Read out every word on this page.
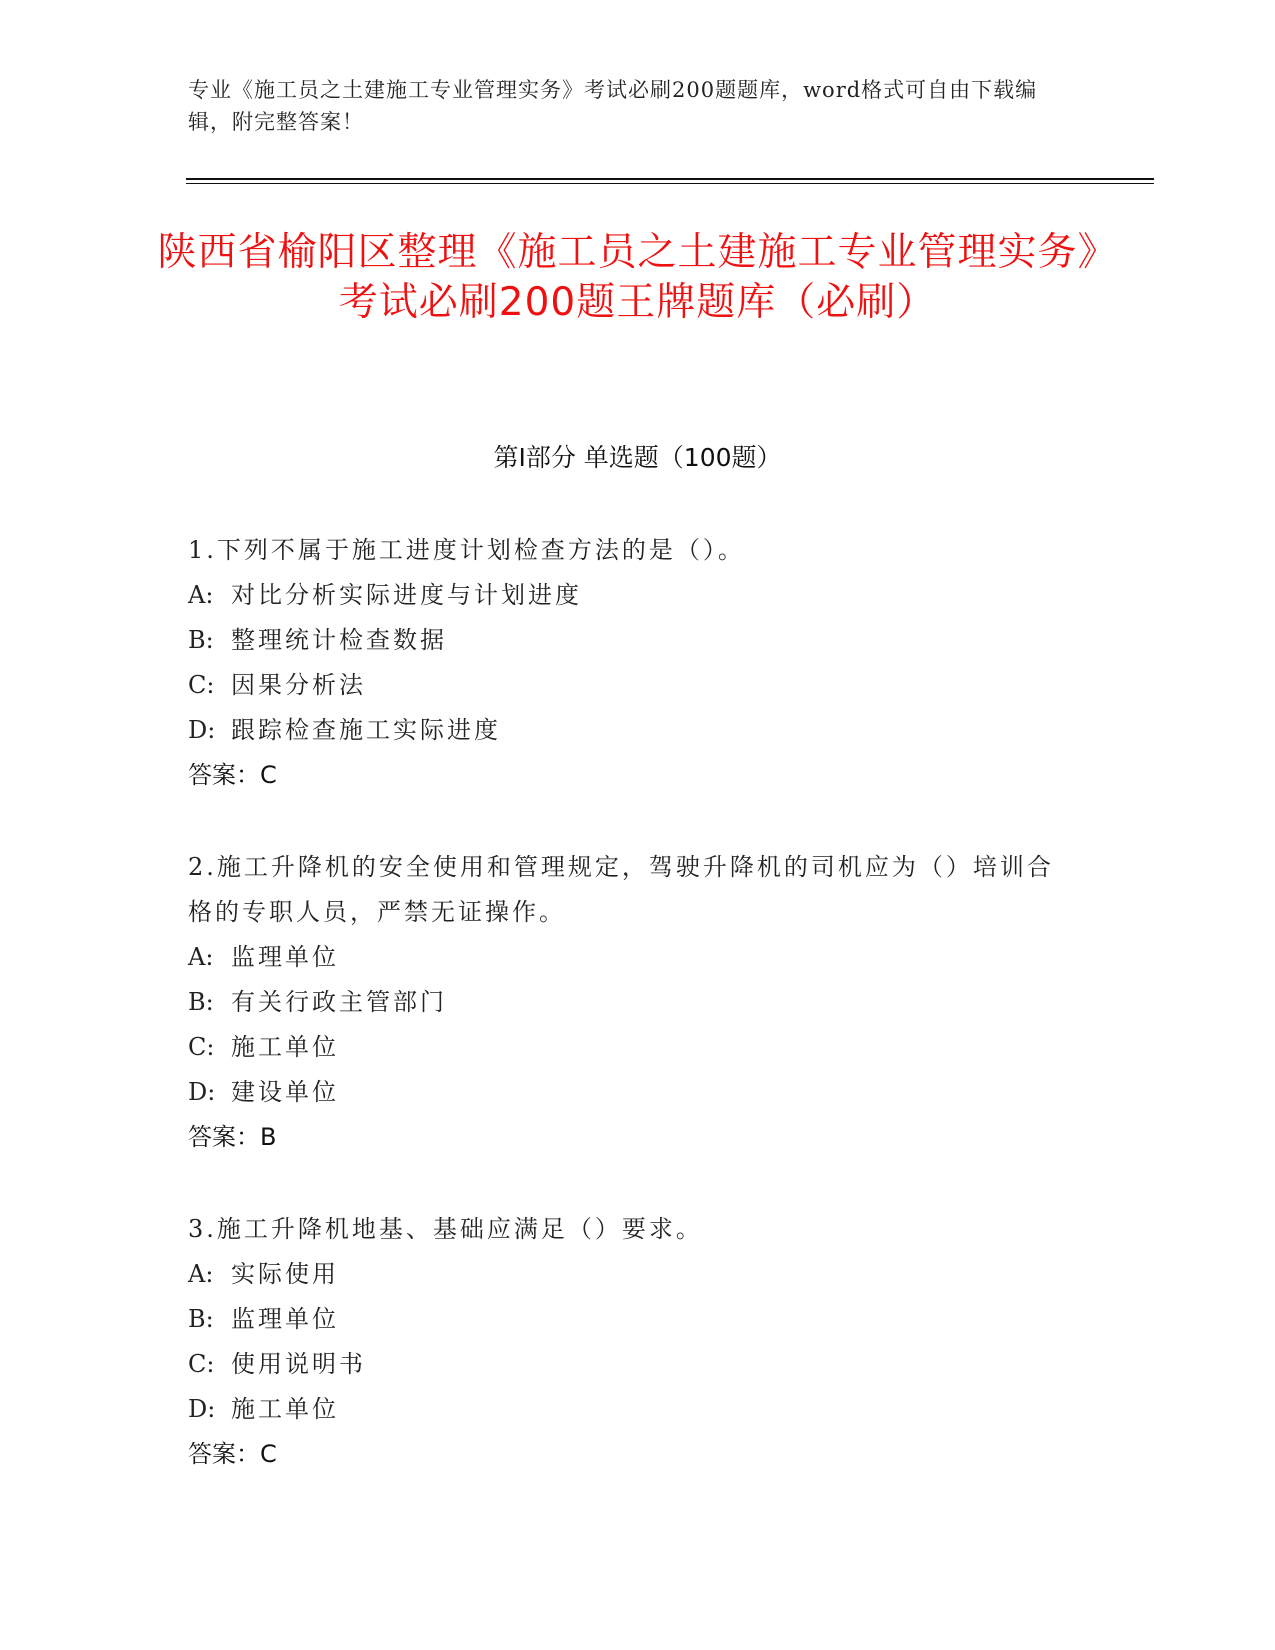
专业《施工员之土建施工专业管理实务》考试必刷200题题库，word格式可自由下载编辑，附完整答案！
陕西省榆阳区整理《施工员之土建施工专业管理实务》考试必刷200题王牌题库（必刷）
第Ⅰ部分 单选题（100题）
1.下列不属于施工进度计划检查方法的是（）。
A: 对比分析实际进度与计划进度
B: 整理统计检查数据
C: 因果分析法
D: 跟踪检查施工实际进度
答案：C
2.施工升降机的安全使用和管理规定，驾驶升降机的司机应为（）培训合格的专职人员，严禁无证操作。
A: 监理单位
B: 有关行政主管部门
C: 施工单位
D: 建设单位
答案：B
3.施工升降机地基、基础应满足（）要求。
A: 实际使用
B: 监理单位
C: 使用说明书
D: 施工单位
答案：C
